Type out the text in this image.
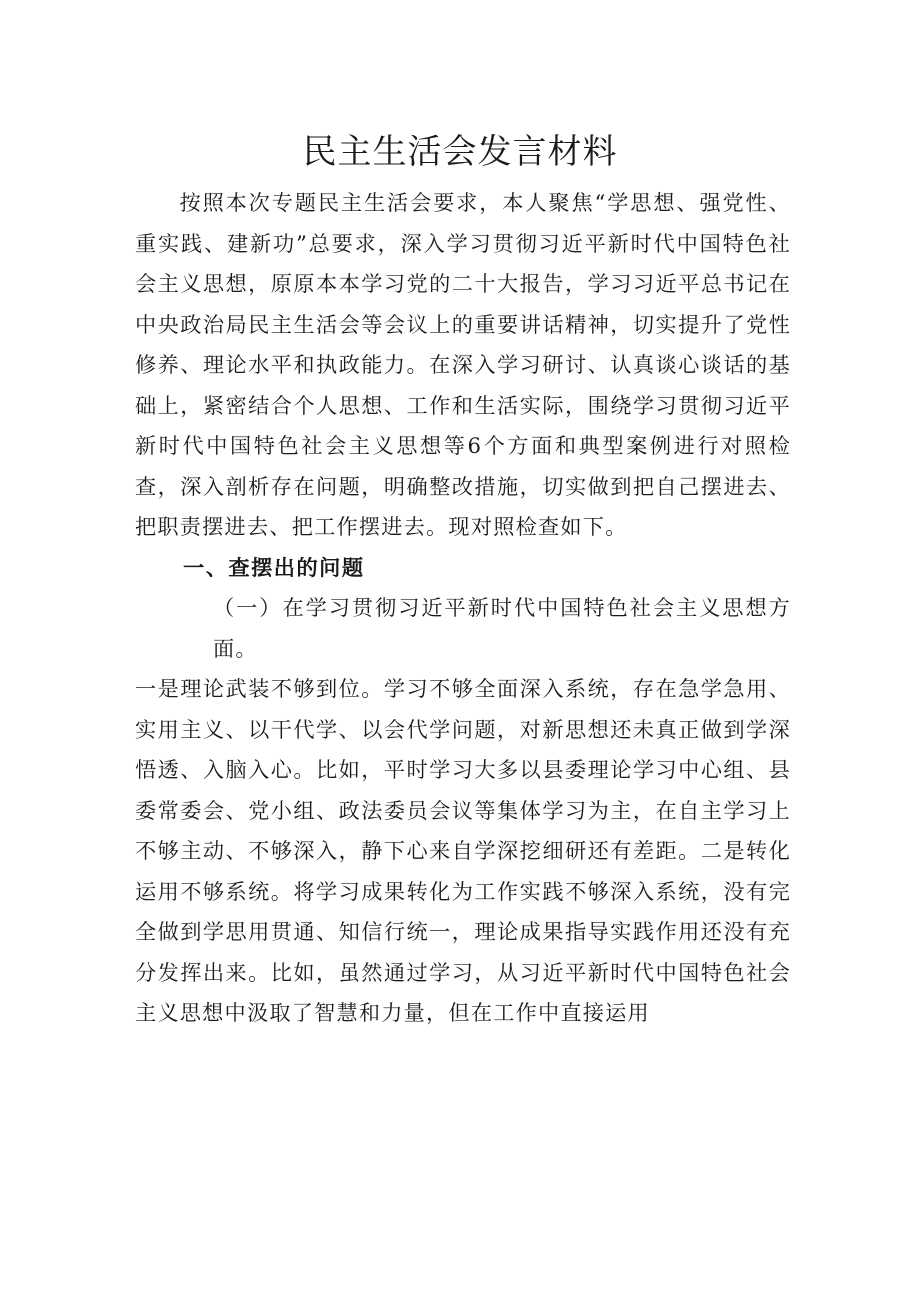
民主生活会发言材料

按照本次专题民主生活会要求，本人聚焦“学思想、强党性、重实践、建新功”总要求，深入学习贯彻习近平新时代中国特色社会主义思想，原原本本学习党的二十大报告，学习习近平总书记在中央政治局民主生活会等会议上的重要讲话精神，切实提升了党性修养、理论水平和执政能力。在深入学习研讨、认真谈心谈话的基础上，紧密结合个人思想、工作和生活实际，围绕学习贯彻习近平新时代中国特色社会主义思想等6个方面和典型案例进行对照检查，深入剖析存在问题，明确整改措施，切实做到把自己摆进去、把职责摆进去、把工作摆进去。现对照检查如下。

一、查摆出的问题

（一）在学习贯彻习近平新时代中国特色社会主义思想方面。

一是理论武装不够到位。学习不够全面深入系统，存在急学急用、实用主义、以干代学、以会代学问题，对新思想还未真正做到学深悟透、入脑入心。比如，平时学习大多以县委理论学习中心组、县委常委会、党小组、政法委员会议等集体学习为主，在自主学习上不够主动、不够深入，静下心来自学深挖细研还有差距。二是转化运用不够系统。将学习成果转化为工作实践不够深入系统，没有完全做到学思用贯通、知信行统一，理论成果指导实践作用还没有充分发挥出来。比如，虽然通过学习，从习近平新时代中国特色社会主义思想中汲取了智慧和力量，但在工作中直接运用
